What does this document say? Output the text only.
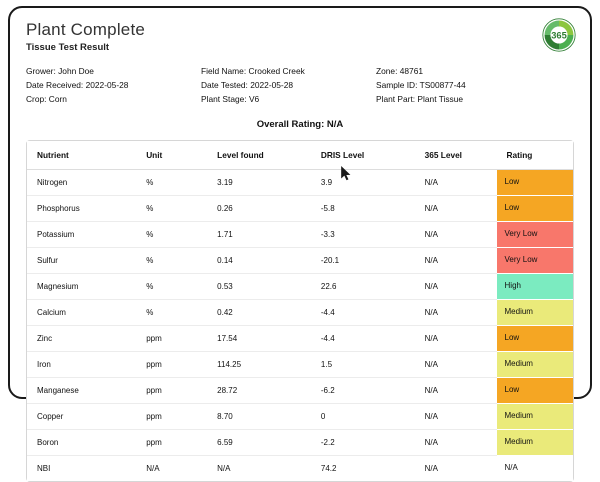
Plant Complete
Tissue Test Result
365
Grower: John Doe
Date Received: 2022-05-28
Crop: Corn
Field Name: Crooked Creek
Date Tested: 2022-05-28
Plant Stage: V6
Zone: 48761
Sample ID: TS00877-44
Plant Part: Plant Tissue
Overall Rating: N/A
Nutrient	Unit	Level found	DRIS Level	365 Level	Rating
Nitrogen	%	3.19	3.9	N/A	Low

Phosphorus	%	0.26	-5.8	N/A	Low

Potassium	%	1.71	-3.3	N/A	Very Low

Sulfur	%	0.14	-20.1	N/A	Very Low

Magnesium	%	0.53	22.6	N/A	High

Calcium	%	0.42	-4.4	N/A	Medium

Zinc	ppm	17.54	-4.4	N/A	Low

Iron	ppm	114.25	1.5	N/A	Medium

Manganese	ppm	28.72	-6.2	N/A	Low

Copper	ppm	8.70	0	N/A	Medium

Boron	ppm	6.59	-2.2	N/A	Medium

NBI	N/A	N/A	74.2	N/A	N/A
